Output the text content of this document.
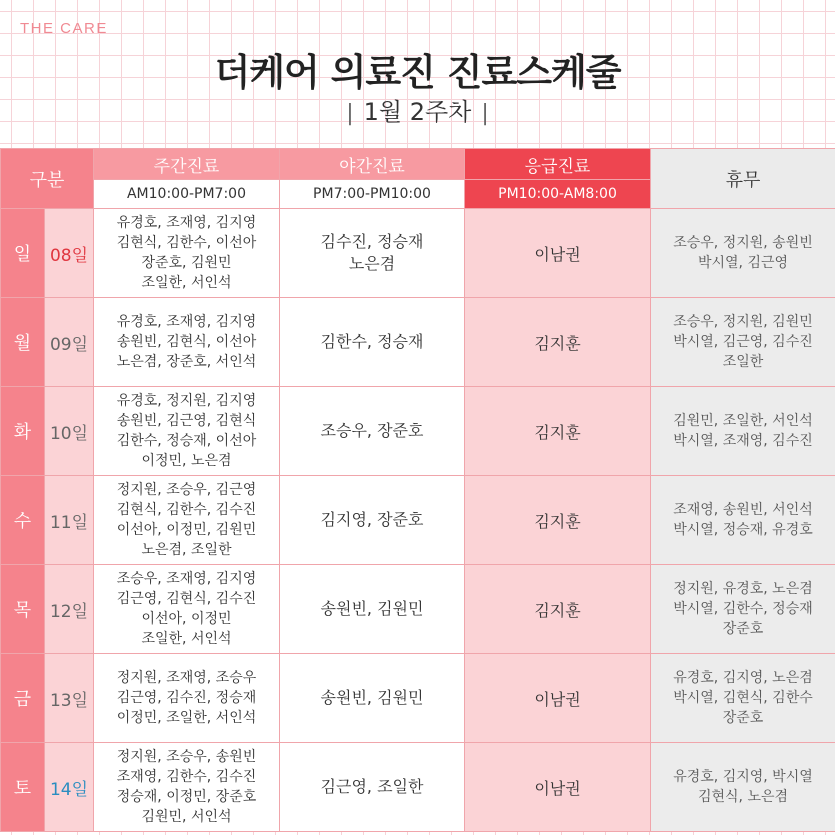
THE CARE
더케어 의료진 진료스케줄
| 1월 2주차 |
구분		주간진료	야간진료	응급진료	휴무
		AM10:00-PM7:00	PM7:00-PM10:00	PM10:00-AM8:00	
일	08일	유경호, 조재영, 김지영
김현식, 김한수, 이선아
장준호, 김원민
조일한, 서인석	김수진, 정승재
노은겸	이남권	조승우, 정지원, 송원빈
박시열, 김근영

월	09일	유경호, 조재영, 김지영
송원빈, 김현식, 이선아
노은겸, 장준호, 서인석	김한수, 정승재	김지훈	조승우, 정지원, 김원민
박시열, 김근영, 김수진
조일한

화	10일	유경호, 정지원, 김지영
송원빈, 김근영, 김현식
김한수, 정승재, 이선아
이정민, 노은겸	조승우, 장준호	김지훈	김원민, 조일한, 서인석
박시열, 조재영, 김수진

수	11일	정지원, 조승우, 김근영
김현식, 김한수, 김수진
이선아, 이정민, 김원민
노은겸, 조일한	김지영, 장준호	김지훈	조재영, 송원빈, 서인석
박시열, 정승재, 유경호

목	12일	조승우, 조재영, 김지영
김근영, 김현식, 김수진
이선아, 이정민
조일한, 서인석	송원빈, 김원민	김지훈	정지원, 유경호, 노은겸
박시열, 김한수, 정승재
장준호

금	13일	정지원, 조재영, 조승우
김근영, 김수진, 정승재
이정민, 조일한, 서인석	송원빈, 김원민	이남권	유경호, 김지영, 노은겸
박시열, 김현식, 김한수
장준호

토	14일	정지원, 조승우, 송원빈
조재영, 김한수, 김수진
정승재, 이정민, 장준호
김원민, 서인석	김근영, 조일한	이남권	유경호, 김지영, 박시열
김현식, 노은겸
